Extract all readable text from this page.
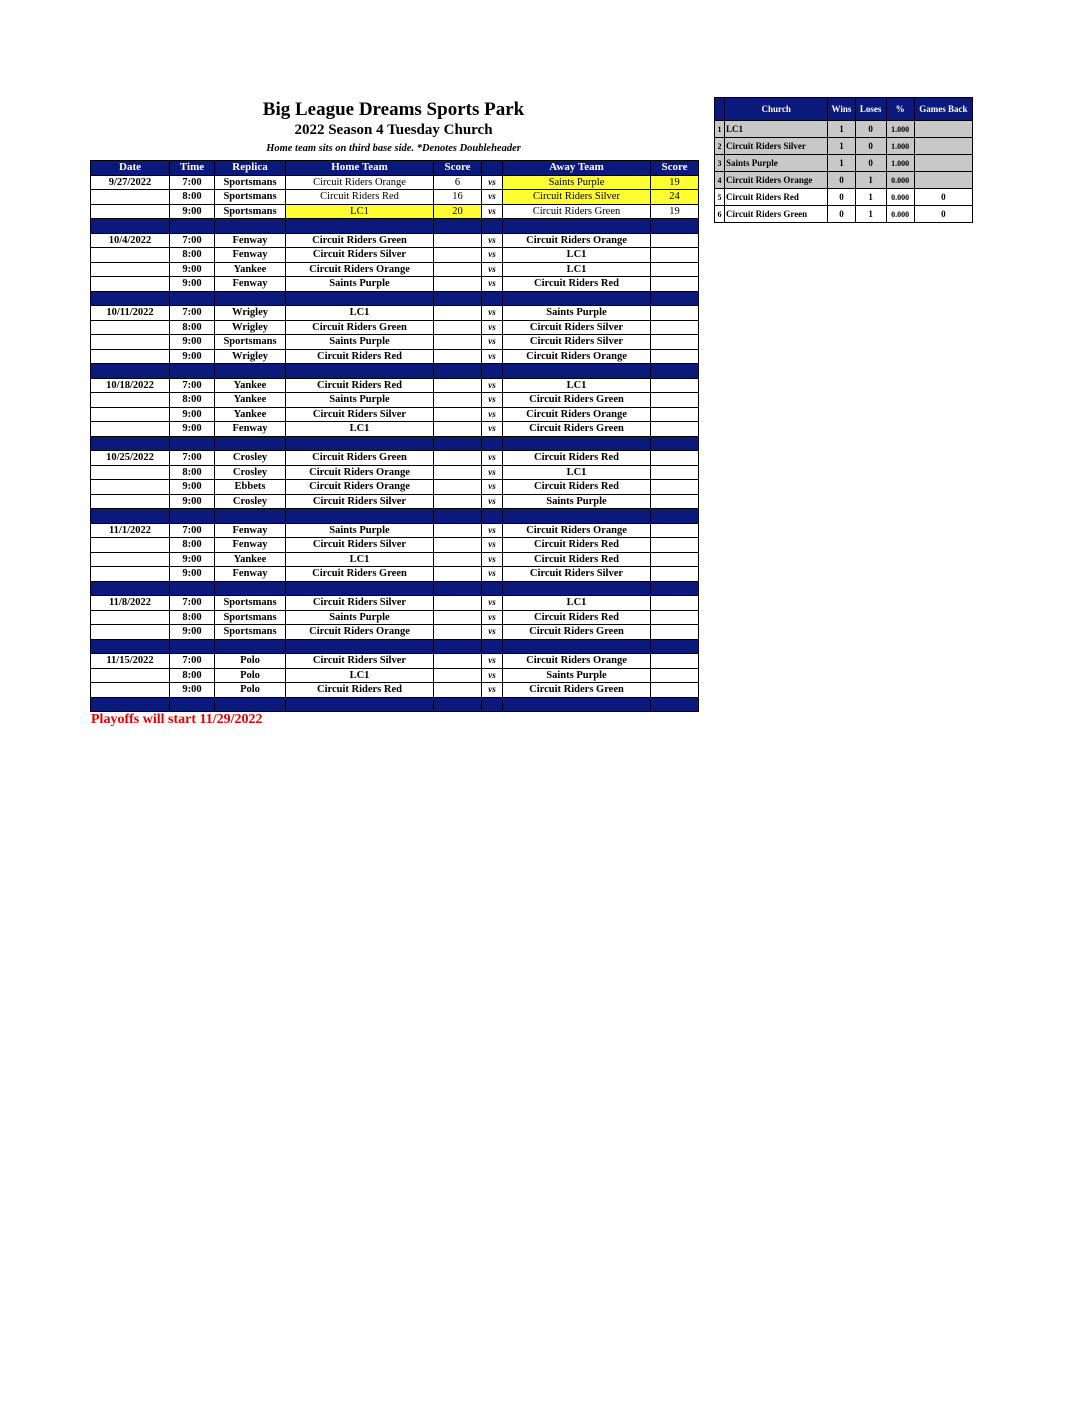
Big League Dreams Sports Park
2022 Season 4 Tuesday Church
Home team sits on third base side. *Denotes Doubleheader
Date	Time	Replica	Home Team	Score		Away Team	Score
9/27/2022	7:00	Sportsmans	Circuit Riders Orange	6	vs	Saints Purple	19
	8:00	Sportsmans	Circuit Riders Red	16	vs	Circuit Riders Silver	24
	9:00	Sportsmans	LC1	20	vs	Circuit Riders Green	19

10/4/2022	7:00	Fenway	Circuit Riders Green		vs	Circuit Riders Orange	
	8:00	Fenway	Circuit Riders Silver		vs	LC1	
	9:00	Yankee	Circuit Riders Orange		vs	LC1	
	9:00	Fenway	Saints Purple		vs	Circuit Riders Red	

10/11/2022	7:00	Wrigley	LC1		vs	Saints Purple	
	8:00	Wrigley	Circuit Riders Green		vs	Circuit Riders Silver	
	9:00	Sportsmans	Saints Purple		vs	Circuit Riders Silver	
	9:00	Wrigley	Circuit Riders Red		vs	Circuit Riders Orange	

10/18/2022	7:00	Yankee	Circuit Riders Red		vs	LC1	
	8:00	Yankee	Saints Purple		vs	Circuit Riders Green	
	9:00	Yankee	Circuit Riders Silver		vs	Circuit Riders Orange	
	9:00	Fenway	LC1		vs	Circuit Riders Green	

10/25/2022	7:00	Crosley	Circuit Riders Green		vs	Circuit Riders Red	
	8:00	Crosley	Circuit Riders Orange		vs	LC1	
	9:00	Ebbets	Circuit Riders Orange		vs	Circuit Riders Red	
	9:00	Crosley	Circuit Riders Silver		vs	Saints Purple	

11/1/2022	7:00	Fenway	Saints Purple		vs	Circuit Riders Orange	
	8:00	Fenway	Circuit Riders Silver		vs	Circuit Riders Red	
	9:00	Yankee	LC1		vs	Circuit Riders Red	
	9:00	Fenway	Circuit Riders Green		vs	Circuit Riders Silver	

11/8/2022	7:00	Sportsmans	Circuit Riders Silver		vs	LC1	
	8:00	Sportsmans	Saints Purple		vs	Circuit Riders Red	
	9:00	Sportsmans	Circuit Riders Orange		vs	Circuit Riders Green	

11/15/2022	7:00	Polo	Circuit Riders Silver		vs	Circuit Riders Orange	
	8:00	Polo	LC1		vs	Saints Purple	
	9:00	Polo	Circuit Riders Red		vs	Circuit Riders Green	

	Church	Wins	Loses	%	Games Back
1	LC1	1	0	1.000	
2	Circuit Riders Silver	1	0	1.000	
3	Saints Purple	1	0	1.000	
4	Circuit Riders Orange	0	1	0.000	
5	Circuit Riders Red	0	1	0.000	0
6	Circuit Riders Green	0	1	0.000	0
Playoffs will start 11/29/2022
